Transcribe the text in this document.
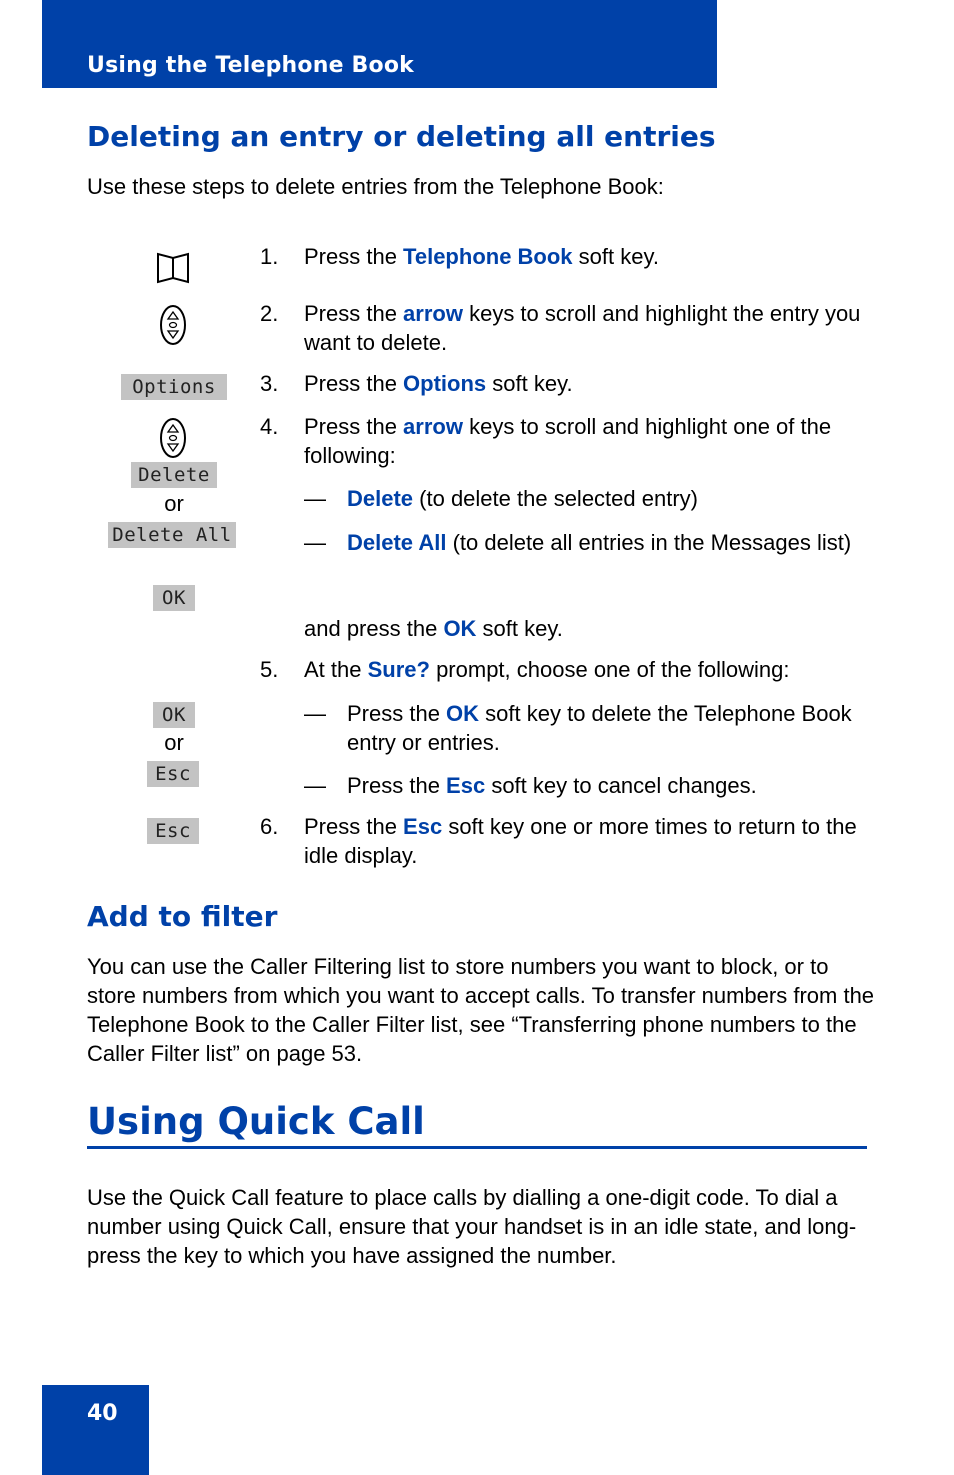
Using the Telephone Book
Deleting an entry or deleting all entries

Use these steps to delete entries from the Telephone Book:

Options
Delete
or
Delete All
OK
OK
or
Esc
Esc
1. Press the Telephone Book soft key.
2. Press the arrow keys to scroll and highlight the entry you want to delete.
3. Press the Options soft key.
4. Press the arrow keys to scroll and highlight one of the following:
— Delete (to delete the selected entry)
— Delete All (to delete all entries in the Messages list)
and press the OK soft key.
5. At the Sure? prompt, choose one of the following:
— Press the OK soft key to delete the Telephone Book entry or entries.
— Press the Esc soft key to cancel changes.
6. Press the Esc soft key one or more times to return to the idle display.
Add to filter

You can use the Caller Filtering list to store numbers you want to block, or to store numbers from which you want to accept calls. To transfer numbers from the Telephone Book to the Caller Filter list, see “Transferring phone numbers to the Caller Filter list” on page 53.

Using Quick Call

Use the Quick Call feature to place calls by dialling a one-digit code. To dial a number using Quick Call, ensure that your handset is in an idle state, and long-press the key to which you have assigned the number.

40
